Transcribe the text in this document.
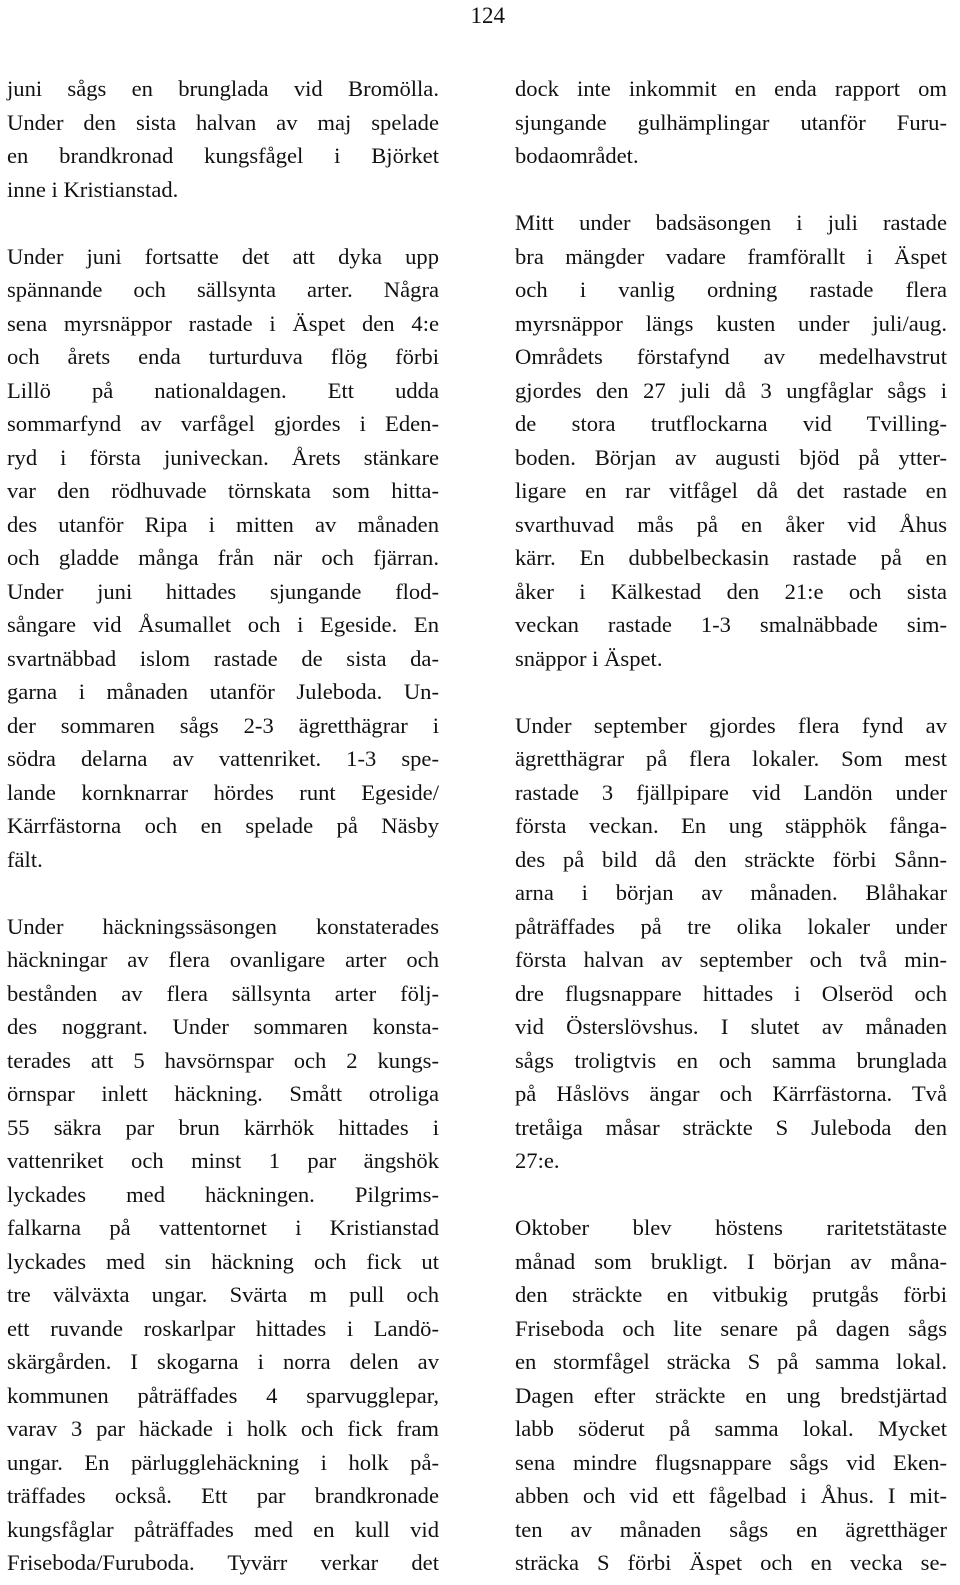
124
juni sågs en brunglada vid Bromölla.
Under den sista halvan av maj spelade
en brandkronad kungsfågel i Björket
inne i Kristianstad.
Under juni fortsatte det att dyka upp
spännande och sällsynta arter. Några
sena myrsnäppor rastade i Äspet den 4:e
och årets enda turturduva flög förbi
Lillö på nationaldagen. Ett udda
sommarfynd av varfågel gjordes i Eden-
ryd i första juniveckan. Årets stänkare
var den rödhuvade törnskata som hitta-
des utanför Ripa i mitten av månaden
och gladde många från när och fjärran.
Under juni hittades sjungande flod-
sångare vid Åsumallet och i Egeside. En
svartnäbbad islom rastade de sista da-
garna i månaden utanför Juleboda. Un-
der sommaren sågs 2-3 ägretthägrar i
södra delarna av vattenriket. 1-3 spe-
lande kornknarrar hördes runt Egeside/
Kärrfästorna och en spelade på Näsby
fält.
Under häckningssäsongen konstaterades
häckningar av flera ovanligare arter och
bestånden av flera sällsynta arter följ-
des noggrant. Under sommaren konsta-
terades att 5 havsörnspar och 2 kungs-
örnspar inlett häckning. Smått otroliga
55 säkra par brun kärrhök hittades i
vattenriket och minst 1 par ängshök
lyckades med häckningen. Pilgrims-
falkarna på vattentornet i Kristianstad
lyckades med sin häckning och fick ut
tre välväxta ungar. Svärta m pull och
ett ruvande roskarlpar hittades i Landö-
skärgården. I skogarna i norra delen av
kommunen påträffades 4 sparvugglepar,
varav 3 par häckade i holk och fick fram
ungar. En pärlugglehäckning i holk på-
träffades också. Ett par brandkronade
kungsfåglar påträffades med en kull vid
Friseboda/Furuboda. Tyvärr verkar det
dock inte inkommit en enda rapport om
sjungande gulhämplingar utanför Furu-
bodaområdet.
Mitt under badsäsongen i juli rastade
bra mängder vadare framförallt i Äspet
och i vanlig ordning rastade flera
myrsnäppor längs kusten under juli/aug.
Områdets förstafynd av medelhavstrut
gjordes den 27 juli då 3 ungfåglar sågs i
de stora trutflockarna vid Tvilling-
boden. Början av augusti bjöd på ytter-
ligare en rar vitfågel då det rastade en
svarthuvad mås på en åker vid Åhus
kärr. En dubbelbeckasin rastade på en
åker i Kälkestad den 21:e och sista
veckan rastade 1-3 smalnäbbade sim-
snäppor i Äspet.
Under september gjordes flera fynd av
ägretthägrar på flera lokaler. Som mest
rastade 3 fjällpipare vid Landön under
första veckan. En ung stäpphök fånga-
des på bild då den sträckte förbi Sånn-
arna i början av månaden. Blåhakar
påträffades på tre olika lokaler under
första halvan av september och två min-
dre flugsnappare hittades i Olseröd och
vid Österslövshus. I slutet av månaden
sågs troligtvis en och samma brunglada
på Håslövs ängar och Kärrfästorna. Två
tretåiga måsar sträckte S Juleboda den
27:e.
Oktober blev höstens raritetstätaste
månad som brukligt. I början av måna-
den sträckte en vitbukig prutgås förbi
Friseboda och lite senare på dagen sågs
en stormfågel sträcka S på samma lokal.
Dagen efter sträckte en ung bredstjärtad
labb söderut på samma lokal. Mycket
sena mindre flugsnappare sågs vid Eken-
abben och vid ett fågelbad i Åhus. I mit-
ten av månaden sågs en ägretthäger
sträcka S förbi Äspet och en vecka se-
